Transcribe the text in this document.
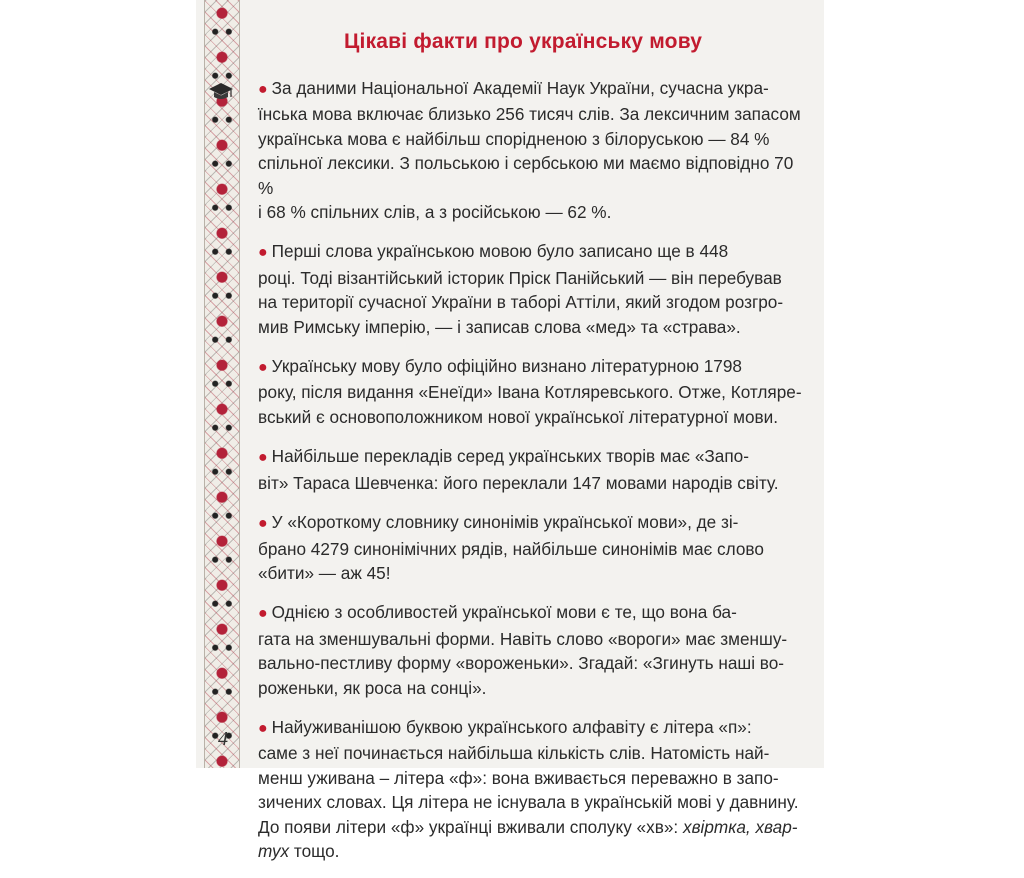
Цікаві факти про українську мову
● За даними Національної Академії Наук України, сучасна укра-
їнська мова включає близько 256 тисяч слів. За лексичним запасом
українська мова є найбільш спорідненою з білоруською — 84 %
спільної лексики. З польською і сербською ми маємо відповідно 70 %
і 68 % спільних слів, а з російською — 62 %.
● Перші слова українською мовою було записано ще в 448
році. Тоді візантійський історик Пріск Панійський — він перебував
на території сучасної України в таборі Аттіли, який згодом розгро-
мив Римську імперію, — і записав слова «мед» та «страва».
● Українську мову було офіційно визнано літературною 1798
року, після видання «Енеїди» Івана Котляревського. Отже, Котляре-
вський є основоположником нової української літературної мови.
● Найбільше перекладів серед українських творів має «Запо-
віт» Тараса Шевченка: його переклали 147 мовами народів світу.
● У «Короткому словнику синонімів української мови», де зі-
брано 4279 синонімічних рядів, найбільше синонімів має слово
«бити» — аж 45!
● Однією з особливостей української мови є те, що вона ба-
гата на зменшувальні форми. Навіть слово «вороги» має зменшу-
вально-пестливу форму «вороженьки». Згадай: «Згинуть наші во-
роженьки, як роса на сонці».
● Найуживанішою буквою українського алфавіту є літера «п»:
саме з неї починається найбільша кількість слів. Натомість най-
менш уживана – літера «ф»: вона вживається переважно в запо-
зичених словах. Ця літера не існувала в українській мові у давнину.
До появи літери «ф» українці вживали сполуку «хв»: хвіртка, хвар-
тух тощо.
4
